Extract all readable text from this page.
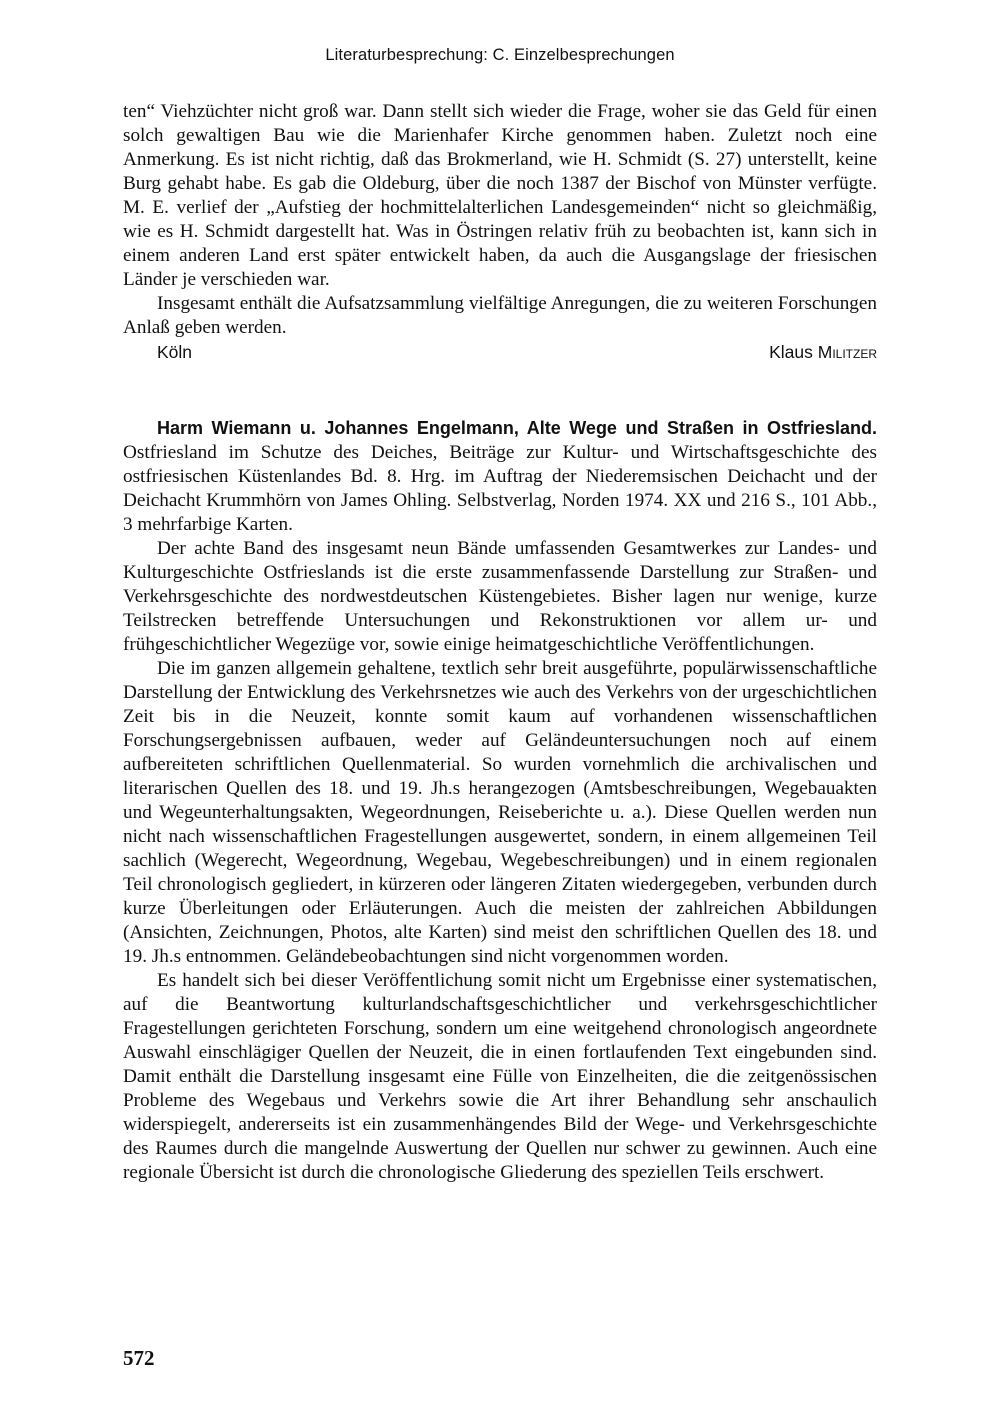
Literaturbesprechung: C. Einzelbesprechungen

ten“ Viehzüchter nicht groß war. Dann stellt sich wieder die Frage, woher sie das Geld für einen solch gewaltigen Bau wie die Marienhafer Kirche genommen haben. Zuletzt noch eine Anmerkung. Es ist nicht richtig, daß das Brokmerland, wie H. Schmidt (S. 27) unterstellt, keine Burg gehabt habe. Es gab die Oldeburg, über die noch 1387 der Bischof von Münster verfügte. M. E. verlief der „Aufstieg der hochmittelalterlichen Landesgemeinden“ nicht so gleichmäßig, wie es H. Schmidt dargestellt hat. Was in Östringen relativ früh zu beobachten ist, kann sich in einem anderen Land erst später entwickelt haben, da auch die Ausgangslage der friesischen Länder je verschieden war.

Insgesamt enthält die Aufsatzsammlung vielfältige Anregungen, die zu weiteren Forschungen Anlaß geben werden.

Köln	Klaus Militzer

Harm Wiemann u. Johannes Engelmann, Alte Wege und Straßen in Ostfriesland. Ostfriesland im Schutze des Deiches, Beiträge zur Kultur- und Wirtschaftsgeschichte des ostfriesischen Küstenlandes Bd. 8. Hrg. im Auftrag der Niederemsischen Deichacht und der Deichacht Krummhörn von James Ohling. Selbstverlag, Norden 1974. XX und 216 S., 101 Abb., 3 mehrfarbige Karten.

Der achte Band des insgesamt neun Bände umfassenden Gesamtwerkes zur Landes- und Kulturgeschichte Ostfrieslands ist die erste zusammenfassende Darstellung zur Straßen- und Verkehrsgeschichte des nordwestdeutschen Küstengebietes. Bisher lagen nur wenige, kurze Teilstrecken betreffende Untersuchungen und Rekonstruktionen vor allem ur- und frühgeschichtlicher Wegezüge vor, sowie einige heimatgeschichtliche Veröffentlichungen.

Die im ganzen allgemein gehaltene, textlich sehr breit ausgeführte, populärwissenschaftliche Darstellung der Entwicklung des Verkehrsnetzes wie auch des Verkehrs von der urgeschichtlichen Zeit bis in die Neuzeit, konnte somit kaum auf vorhandenen wissenschaftlichen Forschungsergebnissen aufbauen, weder auf Geländeuntersuchungen noch auf einem aufbereiteten schriftlichen Quellenmaterial. So wurden vornehmlich die archivalischen und literarischen Quellen des 18. und 19. Jh.s herangezogen (Amtsbeschreibungen, Wegebauakten und Wegeunterhaltungsakten, Wegeordnungen, Reiseberichte u. a.). Diese Quellen werden nun nicht nach wissenschaftlichen Fragestellungen ausgewertet, sondern, in einem allgemeinen Teil sachlich (Wegerecht, Wegeordnung, Wegebau, Wegebeschreibungen) und in einem regionalen Teil chronologisch gegliedert, in kürzeren oder längeren Zitaten wiedergegeben, verbunden durch kurze Überleitungen oder Erläuterungen. Auch die meisten der zahlreichen Abbildungen (Ansichten, Zeichnungen, Photos, alte Karten) sind meist den schriftlichen Quellen des 18. und 19. Jh.s entnommen. Geländebeobachtungen sind nicht vorgenommen worden.

Es handelt sich bei dieser Veröffentlichung somit nicht um Ergebnisse einer systematischen, auf die Beantwortung kulturlandschaftsgeschichtlicher und verkehrsgeschichtlicher Fragestellungen gerichteten Forschung, sondern um eine weitgehend chronologisch angeordnete Auswahl einschlägiger Quellen der Neuzeit, die in einen fortlaufenden Text eingebunden sind. Damit enthält die Darstellung insgesamt eine Fülle von Einzelheiten, die die zeitgenössischen Probleme des Wegebaus und Verkehrs sowie die Art ihrer Behandlung sehr anschaulich widerspiegelt, andererseits ist ein zusammenhängendes Bild der Wege- und Verkehrsgeschichte des Raumes durch die mangelnde Auswertung der Quellen nur schwer zu gewinnen. Auch eine regionale Übersicht ist durch die chronologische Gliederung des speziellen Teils erschwert.

572
